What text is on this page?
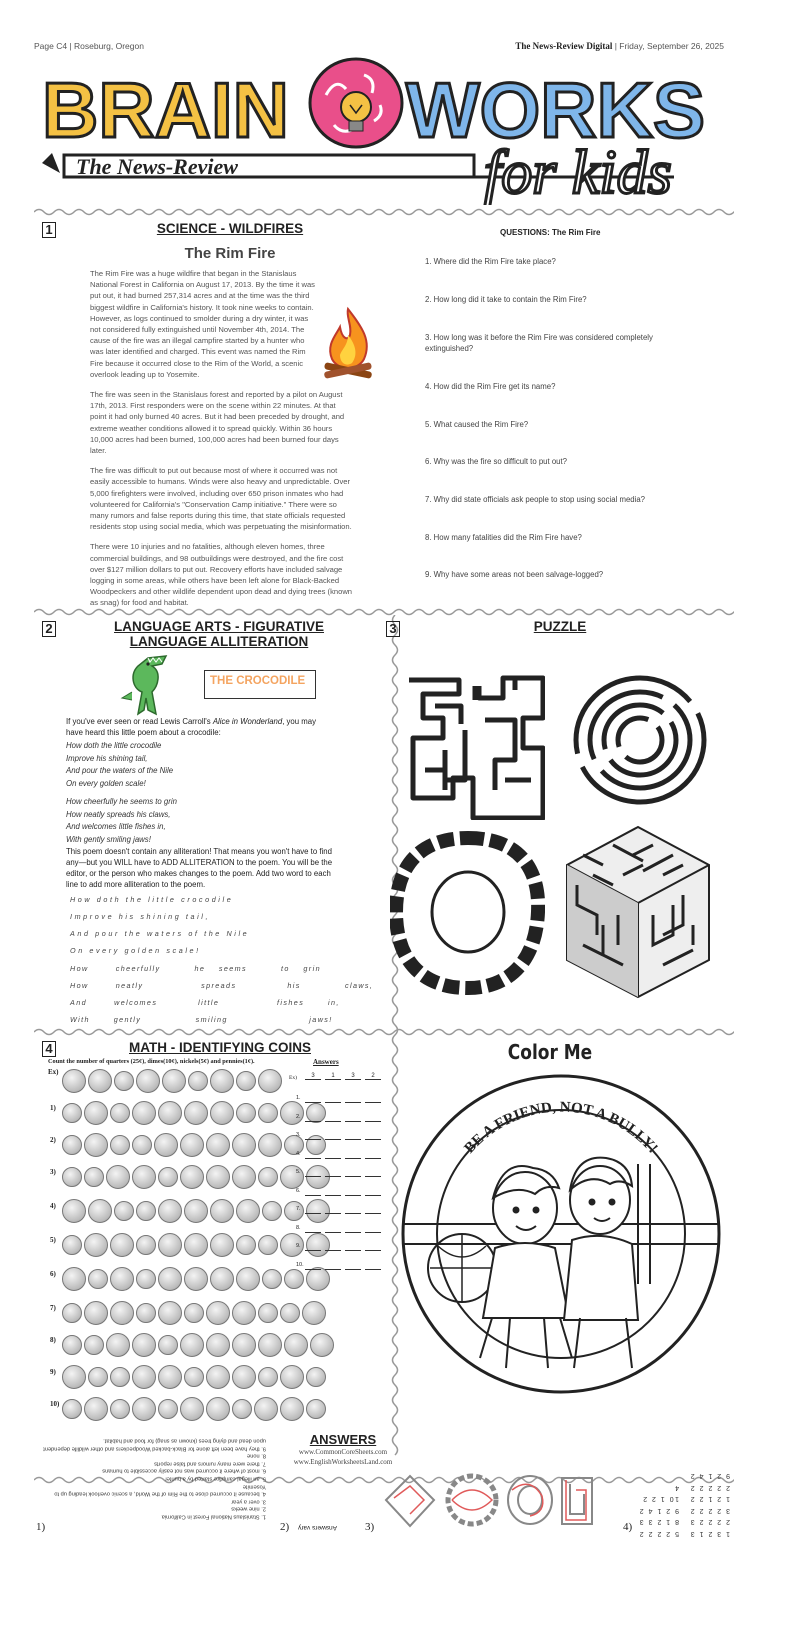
Page C4 | Roseburg, Oregon	The News-Review Digital | Friday, September 26, 2025
BRAIN WORKS
The News-Review	for kids
1	SCIENCE - WILDFIRES
The Rim Fire

The Rim Fire was a huge wildfire that began in the Stanislaus National Forest in California on August 17, 2013. By the time it was put out, it had burned 257,314 acres and at the time was the third biggest wildfire in California's history. It took nine weeks to contain. However, as logs continued to smolder during a dry winter, it was not considered fully extinguished until November 4th, 2014. The cause of the fire was an illegal campfire started by a hunter who was later identified and charged. This event was named the Rim Fire because it occurred close to the Rim of the World, a scenic overlook leading up to Yosemite.

The fire was seen in the Stanislaus forest and reported by a pilot on August 17th, 2013. First responders were on the scene within 22 minutes. At that point it had only burned 40 acres. But it had been preceded by drought, and extreme weather conditions allowed it to spread quickly. Within 36 hours 10,000 acres had been burned, 100,000 acres had been burned four days later.

The fire was difficult to put out because most of where it occurred was not easily accessible to humans. Winds were also heavy and unpredictable. Over 5,000 firefighters were involved, including over 650 prison inmates who had volunteered for California's "Conservation Camp initiative." There were so many rumors and false reports during this time, that state officials requested residents stop using social media, which was perpetuating the misinformation.

There were 10 injuries and no fatalities, although eleven homes, three commercial buildings, and 98 outbuildings were destroyed, and the fire cost over $127 million dollars to put out. Recovery efforts have included salvage logging in some areas, while others have been left alone for Black-Backed Woodpeckers and other wildlife dependent upon dead and dying trees (known as snag) for food and habitat.

QUESTIONS: The Rim Fire
1. Where did the Rim Fire take place?
2. How long did it take to contain the Rim Fire?
3. How long was it before the Rim Fire was considered completely extinguished?
4. How did the Rim Fire get its name?
5. What caused the Rim Fire?
6. Why was the fire so difficult to put out?
7. Why did state officials ask people to stop using social media?
8. How many fatalities did the Rim Fire have?
9. Why have some areas not been salvage-logged?
2	LANGUAGE ARTS - FIGURATIVE LANGUAGE ALLITERATION
THE CROCODILE
If you've ever seen or read Lewis Carroll's Alice in Wonderland, you may have heard this little poem about a crocodile:
How doth the little crocodile
Improve his shining tail,
And pour the waters of the Nile
On every golden scale!
How cheerfully he seems to grin
How neatly spreads his claws,
And welcomes little fishes in,
With gently smiling jaws!
This poem doesn't contain any alliteration! That means you won't have to find any—but you WILL have to ADD ALLITERATION to the poem. You will be the editor, or the person who makes changes to the poem. Add two word to each line to add more alliteration to the poem.
How doth the little crocodile
Improve his shining tail,
And pour the waters of the Nile
On every golden scale!
How        cheerfully          he    seems          to    grin
How        neatly                 spreads               his             claws,
And        welcomes            little                 fishes       in,
With       gently                smiling                        jaws!
3	PUZZLE
4	MATH - IDENTIFYING COINS
Count the number of quarters (25¢), dimes(10¢), nickels(5¢) and pennies(1¢).	Answers
Ex)
1)
2)
3)
4)
5)
6)
7)
8)
9)
10)
Ex)	3	1	3	2
1.
2.
3.
4.
5.
6.
7.
8.
9.
10.
Color Me
BE A FRIEND, NOT A BULLY!
ANSWERS
www.CommonCoreSheets.com
www.EnglishWorksheetsLand.com
1)	2)	3)	4)
1. Stanislaus National Forest in California
2. nine weeks
3. over a year
4. because it occurred close to the Rim of the World, a scenic overlook leading up to Yosemite
5. an illegal campfire started by a hunter
6. most of where it occurred was not easily accessible to humans
7. there were many rumors and false reports
8. none
9. they have been left alone for Black-backed Woodpeckers and other wildlife dependent upon dead and dying trees (known as snag) for food and habitat.
Answers vary
1 3 2 1 3
2 2 2 2 3
3 2 2 2 2
1 2 1 2 2
2 2 2 2 2
9 2 1 4 2
5 2 2 2 2
8 1 2 3 3
9 2 1 4 2
10 1 2 2 4
